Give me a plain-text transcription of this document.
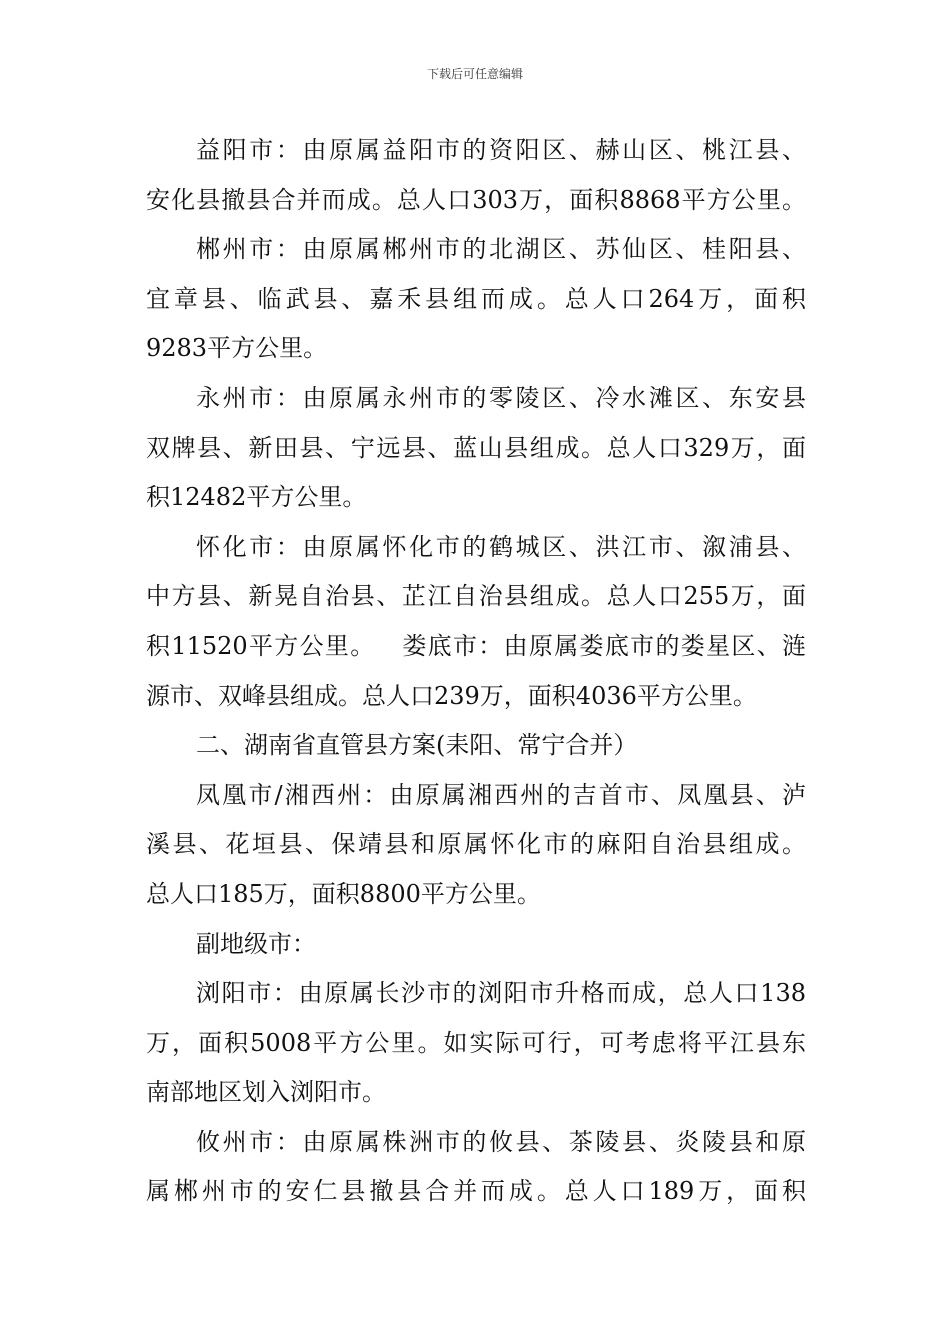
下载后可任意编辑
益阳市：由原属益阳市的资阳区、赫山区、桃江县、
安化县撤县合并而成。总人口303万，面积8868平方公里。
郴州市：由原属郴州市的北湖区、苏仙区、桂阳县、
宜章县、临武县、嘉禾县组而成。总人口264万，面积
9283平方公里。
永州市：由原属永州市的零陵区、冷水滩区、东安县
双牌县、新田县、宁远县、蓝山县组成。总人口329万，面
积12482平方公里。
怀化市：由原属怀化市的鹤城区、洪江市、溆浦县、
中方县、新晃自治县、芷江自治县组成。总人口255万，面
积11520平方公里。   娄底市：由原属娄底市的娄星区、涟
源市、双峰县组成。总人口239万，面积4036平方公里。
二、湖南省直管县方案(耒阳、常宁合并）
凤凰市/湘西州：由原属湘西州的吉首市、凤凰县、泸
溪县、花垣县、保靖县和原属怀化市的麻阳自治县组成。
总人口185万，面积8800平方公里。
副地级市：
浏阳市：由原属长沙市的浏阳市升格而成，总人口138
万，面积5008平方公里。如实际可行，可考虑将平江县东
南部地区划入浏阳市。
攸州市：由原属株洲市的攸县、茶陵县、炎陵县和原
属郴州市的安仁县撤县合并而成。总人口189万，面积
